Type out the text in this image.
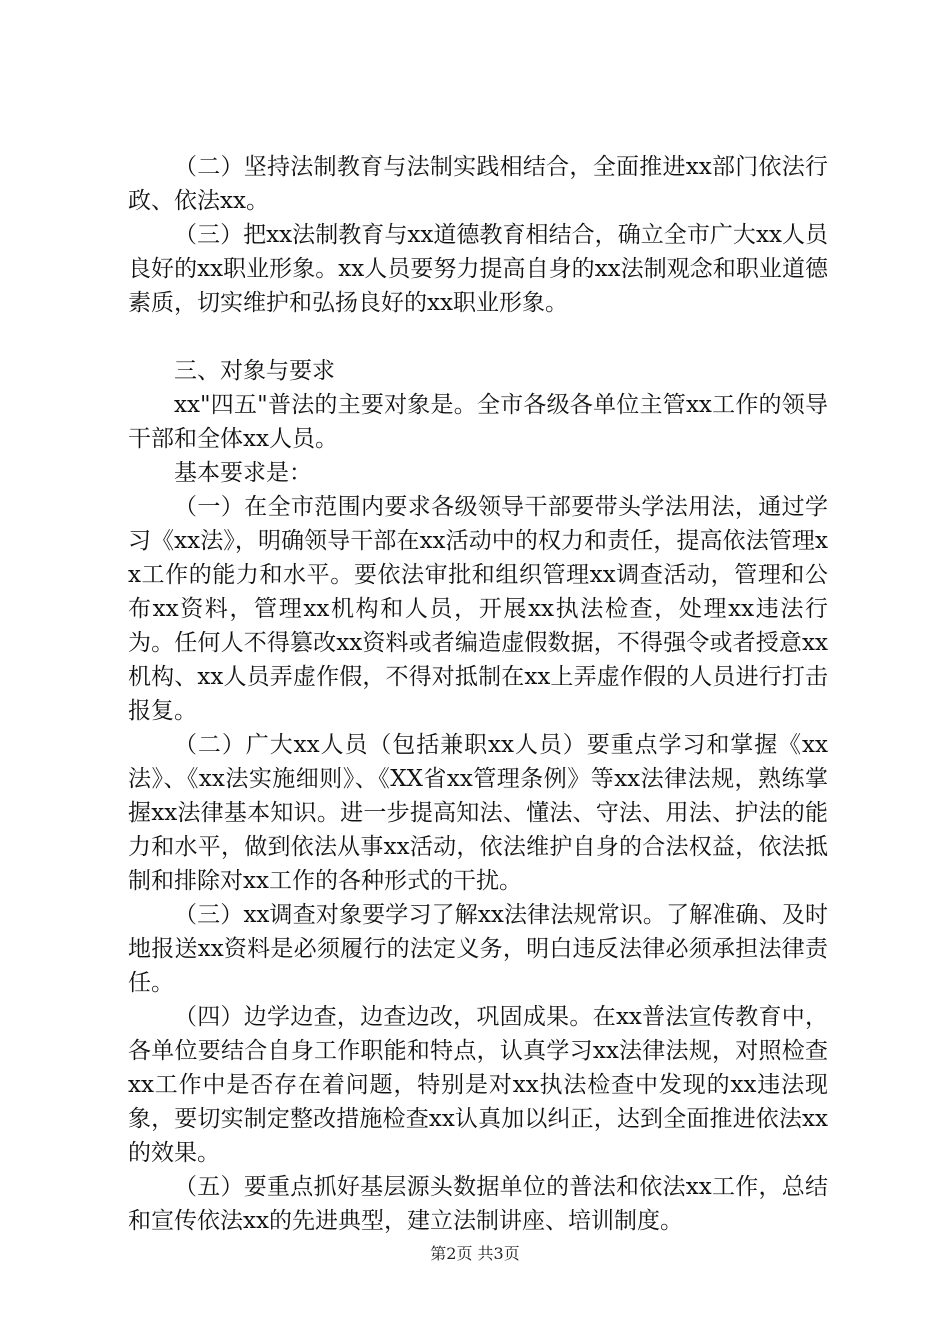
（二）坚持法制教育与法制实践相结合，全面推进xx部门依法行政、依法xx。

（三）把xx法制教育与xx道德教育相结合，确立全市广大xx人员良好的xx职业形象。xx人员要努力提高自身的xx法制观念和职业道德素质，切实维护和弘扬良好的xx职业形象。

三、对象与要求

xx"四五"普法的主要对象是。全市各级各单位主管xx工作的领导干部和全体xx人员。

基本要求是：

（一）在全市范围内要求各级领导干部要带头学法用法，通过学习《xx法》，明确领导干部在xx活动中的权力和责任，提高依法管理xx工作的能力和水平。要依法审批和组织管理xx调查活动，管理和公布xx资料，管理xx机构和人员，开展xx执法检查，处理xx违法行为。任何人不得篡改xx资料或者编造虚假数据，不得强令或者授意xx机构、xx人员弄虚作假，不得对抵制在xx上弄虚作假的人员进行打击报复。

（二）广大xx人员（包括兼职xx人员）要重点学习和掌握《xx法》、《xx法实施细则》、《XX省xx管理条例》等xx法律法规，熟练掌握xx法律基本知识。进一步提高知法、懂法、守法、用法、护法的能力和水平，做到依法从事xx活动，依法维护自身的合法权益，依法抵制和排除对xx工作的各种形式的干扰。

（三）xx调查对象要学习了解xx法律法规常识。了解准确、及时地报送xx资料是必须履行的法定义务，明白违反法律必须承担法律责任。

（四）边学边查，边查边改，巩固成果。在xx普法宣传教育中，各单位要结合自身工作职能和特点，认真学习xx法律法规，对照检查xx工作中是否存在着问题，特别是对xx执法检查中发现的xx违法现象，要切实制定整改措施检查xx认真加以纠正，达到全面推进依法xx的效果。

（五）要重点抓好基层源头数据单位的普法和依法xx工作，总结和宣传依法xx的先进典型，建立法制讲座、培训制度。

第2页 共3页
